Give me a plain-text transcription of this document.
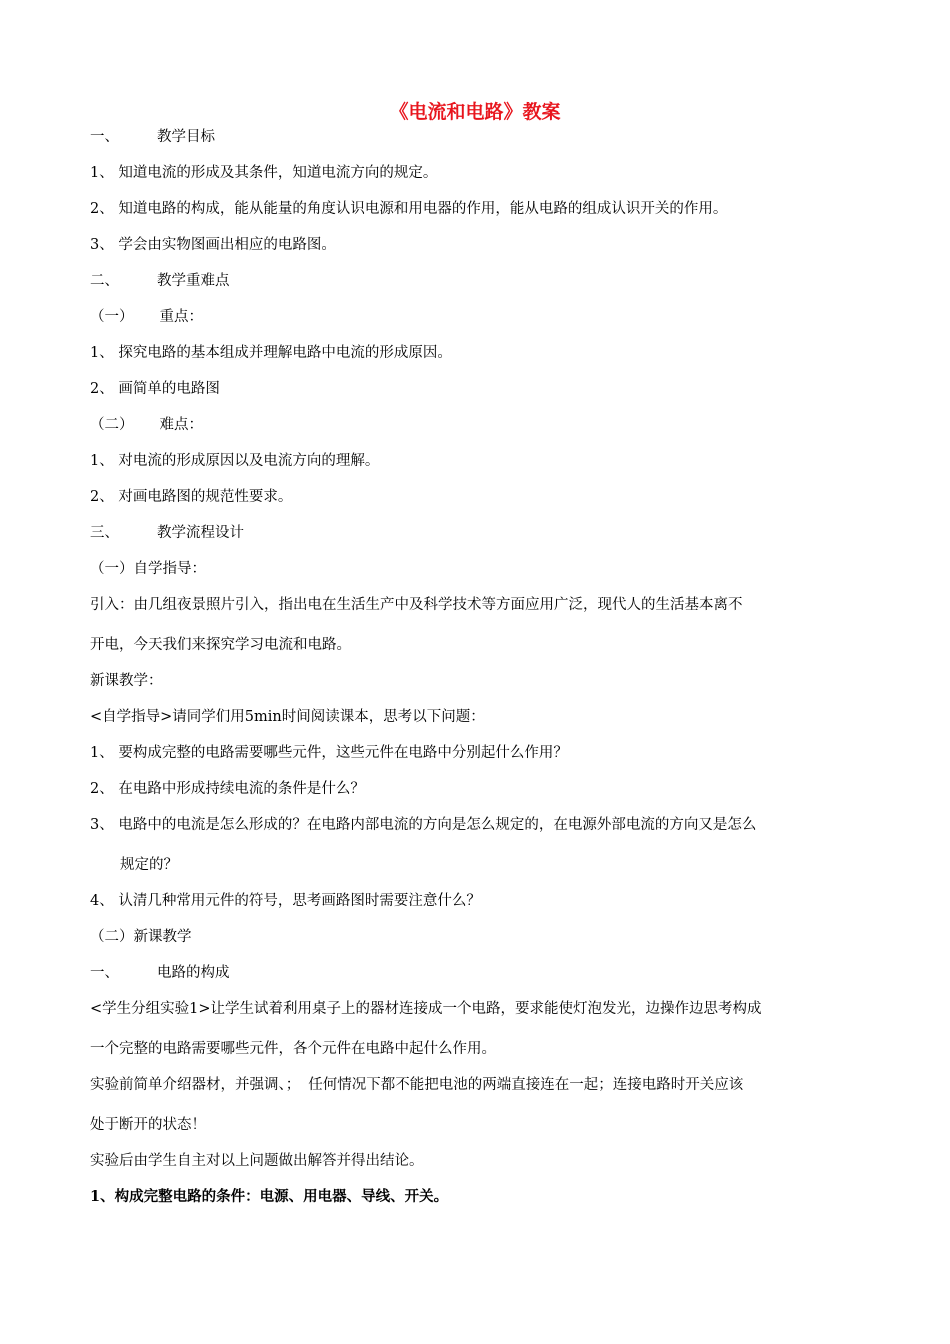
《电流和电路》教案
一、	教学目标
1、 知道电流的形成及其条件，知道电流方向的规定。
2、 知道电路的构成，能从能量的角度认识电源和用电器的作用，能从电路的组成认识开关的作用。
3、 学会由实物图画出相应的电路图。
二、	教学重难点
（一） 重点：
1、 探究电路的基本组成并理解电路中电流的形成原因。
2、 画简单的电路图
（二） 难点：
1、 对电流的形成原因以及电流方向的理解。
2、 对画电路图的规范性要求。
三、	教学流程设计
（一）自学指导：
引入：由几组夜景照片引入，指出电在生活生产中及科学技术等方面应用广泛，现代人的生活基本离不
开电，今天我们来探究学习电流和电路。
新课教学：
<自学指导>请同学们用5min时间阅读课本，思考以下问题：
1、 要构成完整的电路需要哪些元件，这些元件在电路中分别起什么作用？
2、 在电路中形成持续电流的条件是什么？
3、 电路中的电流是怎么形成的？在电路内部电流的方向是怎么规定的，在电源外部电流的方向又是怎么
规定的？
4、 认清几种常用元件的符号，思考画路图时需要注意什么？
（二）新课教学
一、	电路的构成
<学生分组实验1>让学生试着利用桌子上的器材连接成一个电路，要求能使灯泡发光，边操作边思考构成
一个完整的电路需要哪些元件，各个元件在电路中起什么作用。
实验前简单介绍器材，并强调、； 任何情况下都不能把电池的两端直接连在一起；连接电路时开关应该
处于断开的状态！
实验后由学生自主对以上问题做出解答并得出结论。
1、构成完整电路的条件：电源、用电器、导线、开关。
